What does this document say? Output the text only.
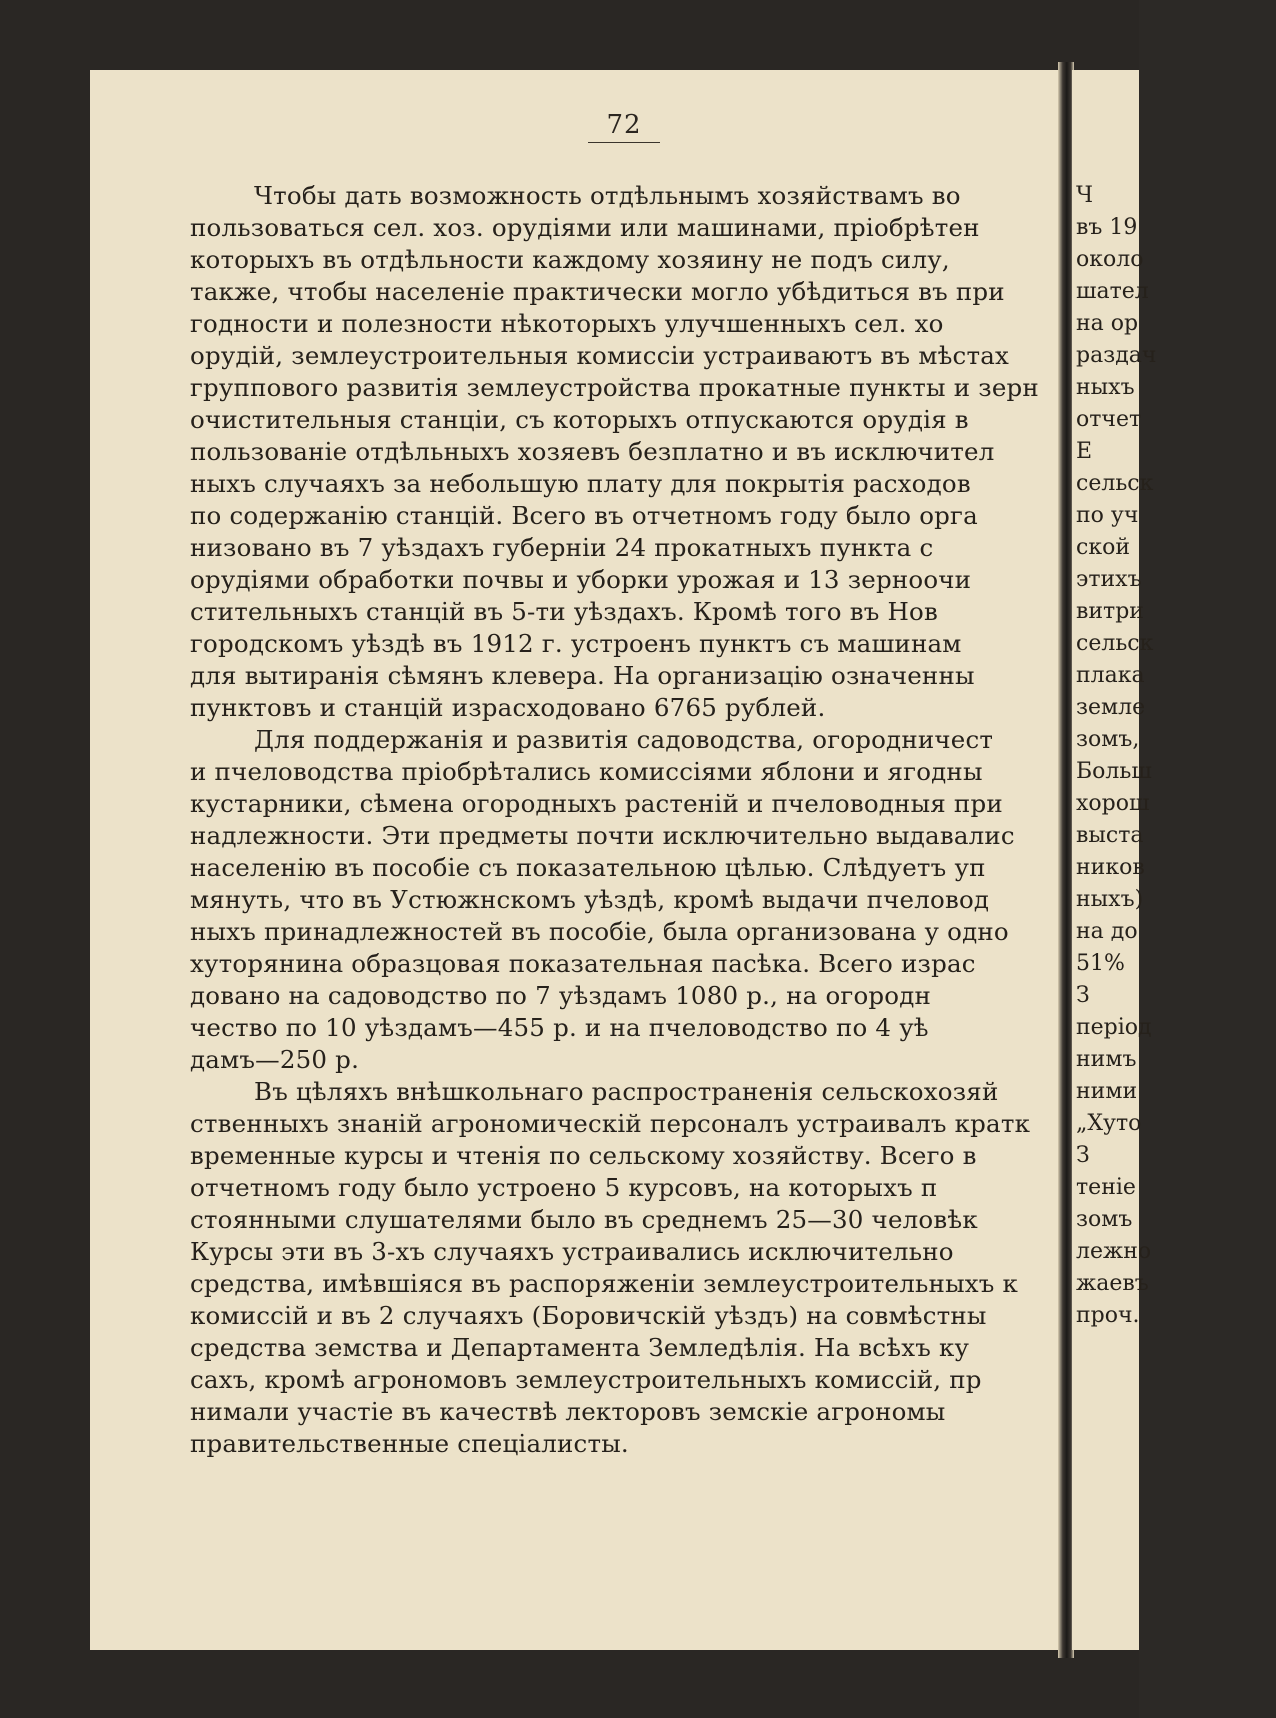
72
Чтобы дать возможность отдѣльнымъ хозяйствамъ во
пользоваться сел. хоз. орудіями или машинами, пріобрѣтен
которыхъ въ отдѣльности каждому хозяину не подъ силу,
также, чтобы населеніе практически могло убѣдиться въ при
годности и полезности нѣкоторыхъ улучшенныхъ сел. хо
орудій, землеустроительныя комиссіи устраиваютъ въ мѣстах
группового развитія землеустройства прокатные пункты и зерн
очистительныя станціи, съ которыхъ отпускаются орудія в
пользованіе отдѣльныхъ хозяевъ безплатно и въ исключител
ныхъ случаяхъ за небольшую плату для покрытія расходов
по содержанію станцій. Всего въ отчетномъ году было орга
низовано въ 7 уѣздахъ губерніи 24 прокатныхъ пункта с
орудіями обработки почвы и уборки урожая и 13 зерноочи
стительныхъ станцій въ 5-ти уѣздахъ. Кромѣ того въ Нов
городскомъ уѣздѣ въ 1912 г. устроенъ пунктъ съ машинам
для вытиранія сѣмянъ клевера. На организацію означенны
пунктовъ и станцій израсходовано 6765 рублей.
Для поддержанія и развитія садоводства, огородничест
и пчеловодства пріобрѣтались комиссіями яблони и ягодны
кустарники, сѣмена огородныхъ растеній и пчеловодныя при
надлежности. Эти предметы почти исключительно выдавалис
населенію въ пособіе съ показательною цѣлью. Слѣдуетъ уп
мянуть, что въ Устюжнскомъ уѣздѣ, кромѣ выдачи пчеловод
ныхъ принадлежностей въ пособіе, была организована у одно
хуторянина образцовая показательная пасѣка. Всего израс
довано на садоводство по 7 уѣздамъ 1080 р., на огородн
чество по 10 уѣздамъ—455 р. и на пчеловодство по 4 уѣ
дамъ—250 р.
Въ цѣляхъ внѣшкольнаго распространенія сельскохозяй
ственныхъ знаній агрономическій персоналъ устраивалъ кратк
временные курсы и чтенія по сельскому хозяйству. Всего в
отчетномъ году было устроено 5 курсовъ, на которыхъ п
стоянными слушателями было въ среднемъ 25—30 человѣк
Курсы эти въ 3-хъ случаяхъ устраивались исключительно
средства, имѣвшіяся въ распоряженіи землеустроительныхъ к
комиссій и въ 2 случаяхъ (Боровичскій уѣздъ) на совмѣстны
средства земства и Департамента Земледѣлія. На всѣхъ ку
сахъ, кромѣ агрономовъ землеустроительныхъ комиссій, пр
нимали участіе въ качествѣ лекторовъ земскіе агрономы
правительственные спеціалисты.
Ч
въ 19
около
шател
на ор
раздач
ныхъ
отчет
Е
сельск
по уч
ской
этихъ
витри
сельск
плака
земле
зомъ,
Больш
хорош
выста
ников
ныхъ)
на до
51%
З
період
нимъ
ними
„Хуто
З
теніе
зомъ
лежно
жаевъ
проч.
